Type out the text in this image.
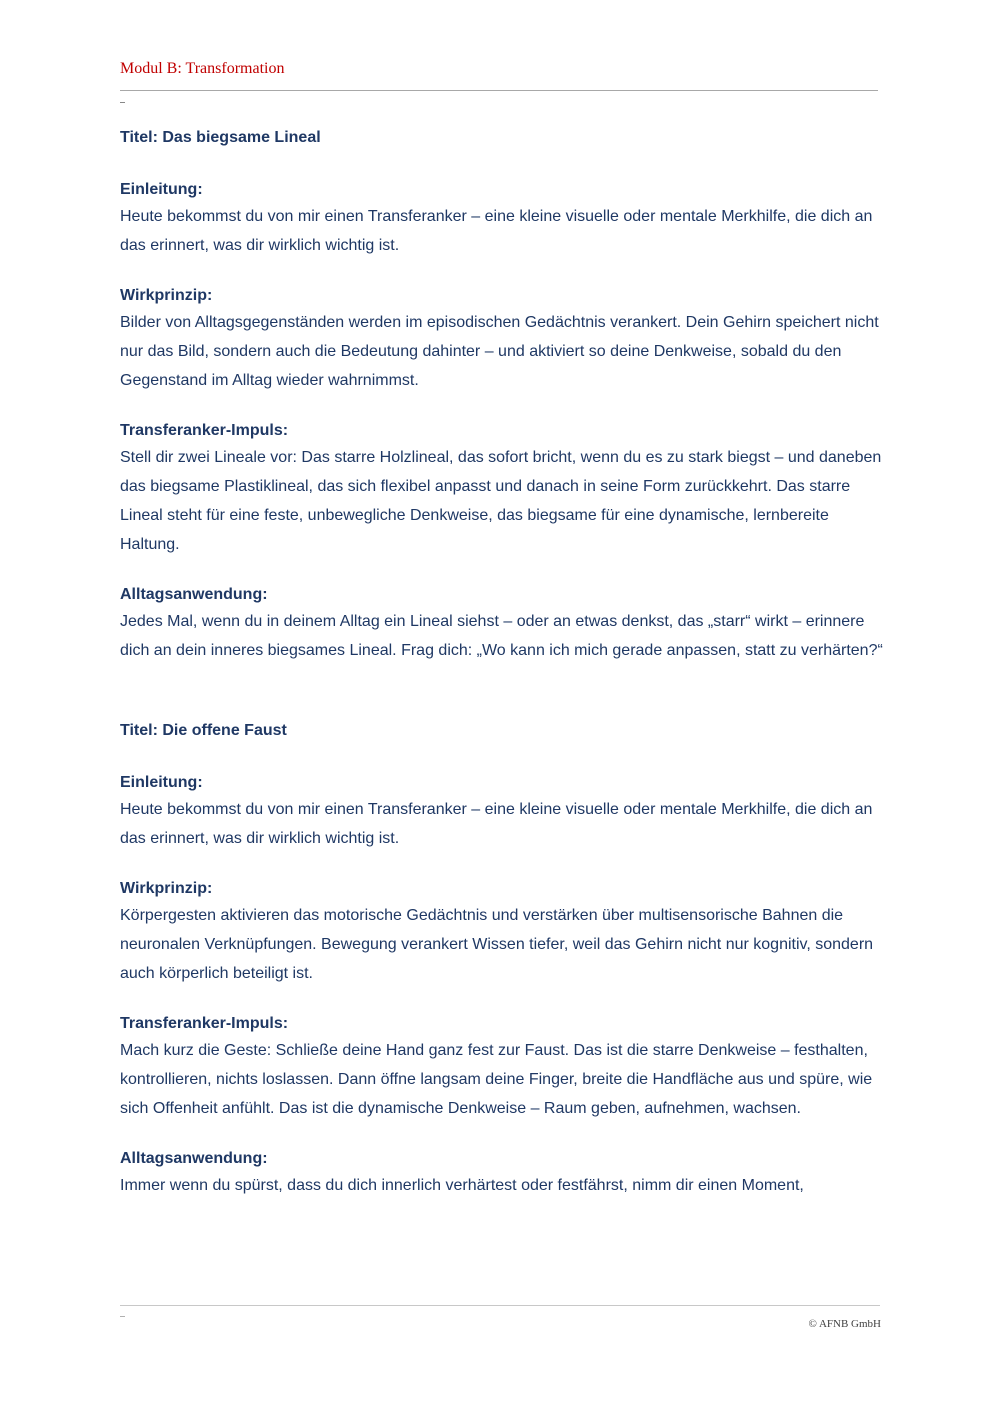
Modul B: Transformation

Titel: Das biegsame Lineal

Einleitung:

Heute bekommst du von mir einen Transferanker – eine kleine visuelle oder mentale Merkhilfe, die dich an das erinnert, was dir wirklich wichtig ist.

Wirkprinzip:

Bilder von Alltagsgegenständen werden im episodischen Gedächtnis verankert. Dein Gehirn speichert nicht nur das Bild, sondern auch die Bedeutung dahinter – und aktiviert so deine Denkweise, sobald du den Gegenstand im Alltag wieder wahrnimmst.

Transferanker-Impuls:

Stell dir zwei Lineale vor: Das starre Holzlineal, das sofort bricht, wenn du es zu stark biegst – und daneben das biegsame Plastiklineal, das sich flexibel anpasst und danach in seine Form zurückkehrt. Das starre Lineal steht für eine feste, unbewegliche Denkweise, das biegsame für eine dynamische, lernbereite Haltung.

Alltagsanwendung:

Jedes Mal, wenn du in deinem Alltag ein Lineal siehst – oder an etwas denkst, das „starr“ wirkt – erinnere dich an dein inneres biegsames Lineal. Frag dich: „Wo kann ich mich gerade anpassen, statt zu verhärten?“

Titel: Die offene Faust

Einleitung:

Heute bekommst du von mir einen Transferanker – eine kleine visuelle oder mentale Merkhilfe, die dich an das erinnert, was dir wirklich wichtig ist.

Wirkprinzip:

Körpergesten aktivieren das motorische Gedächtnis und verstärken über multisensorische Bahnen die neuronalen Verknüpfungen. Bewegung verankert Wissen tiefer, weil das Gehirn nicht nur kognitiv, sondern auch körperlich beteiligt ist.

Transferanker-Impuls:

Mach kurz die Geste: Schließe deine Hand ganz fest zur Faust. Das ist die starre Denkweise – festhalten, kontrollieren, nichts loslassen. Dann öffne langsam deine Finger, breite die Handfläche aus und spüre, wie sich Offenheit anfühlt. Das ist die dynamische Denkweise – Raum geben, aufnehmen, wachsen.

Alltagsanwendung:

Immer wenn du spürst, dass du dich innerlich verhärtest oder festfährst, nimm dir einen Moment,

© AFNB GmbH
